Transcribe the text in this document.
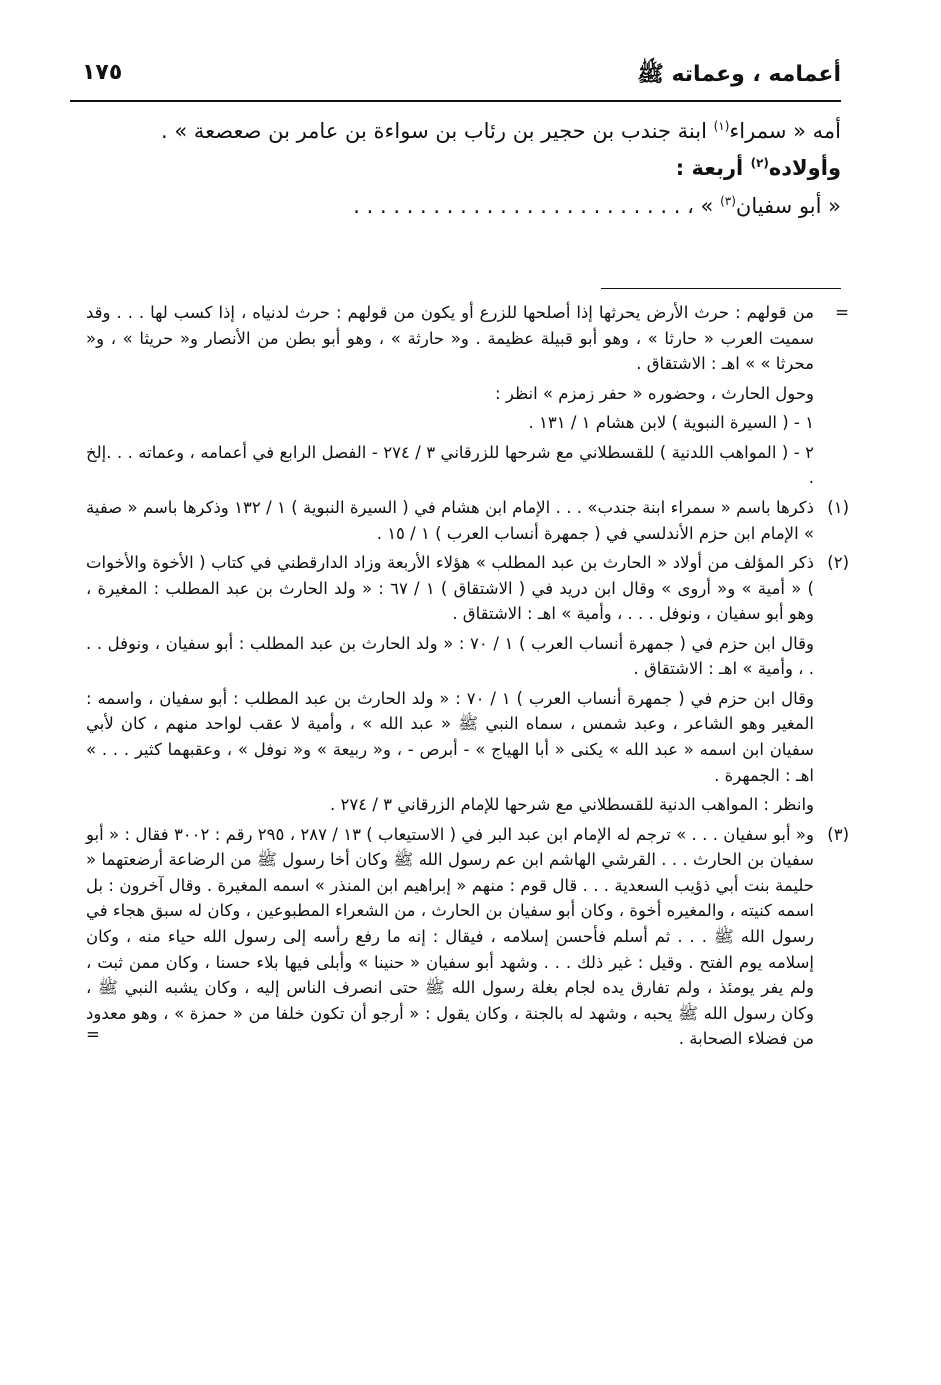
أعمامه ، وعماته ﷺ
١٧٥

أمه « سمراء$^{(١)}$ ابنة جندب بن حجير بن رئاب بن سواءة بن عامر بن صعصعة » .

وأولاده$^{(٢)}$ أربعة :

« أبو سفيان$^{(٣)}$ » ، . . . . . . . . . . . . . . . . . . . . . . . . .

=

من قولهم : حرث الأرض يحرثها إذا أصلحها للزرع أو يكون من قولهم : حرث لدنياه ، إذا كسب لها . . . وقد سميت العرب « حارثا » ، وهو أبو قبيلة عظيمة . و« حارثة » ، وهو أبو بطن من الأنصار و« حريثا » ، و« محرثا » » اهـ : الاشتقاق .

وحول الحارث ، وحضوره « حفر زمزم » انظر :

١ - ( السيرة النبوية ) لابن هشام ١ / ١٣١ .

٢ - ( المواهب اللدنية ) للقسطلاني مع شرحها للزرقاني ٣ / ٢٧٤ - الفصل الرابع في أعمامه ، وعماته . . .إلخ .

(١)

ذكرها باسم « سمراء ابنة جندب» . . . الإمام ابن هشام في ( السيرة النبوية ) ١ / ١٣٢ وذكرها باسم « صفية » الإمام ابن حزم الأندلسي في ( جمهرة أنساب العرب ) ١ / ١٥ .

(٢)

ذكر المؤلف من أولاد « الحارث بن عبد المطلب » هؤلاء الأربعة وزاد الدارقطني في كتاب ( الأخوة والأخوات ) « أمية » و« أروى » وقال ابن دريد في ( الاشتقاق ) ١ / ٦٧ : « ولد الحارث بن عبد المطلب : المغيرة ، وهو أبو سفيان ، ونوفل . . . ، وأمية » اهـ : الاشتقاق .

وقال ابن حزم في ( جمهرة أنساب العرب ) ١ / ٧٠ : « ولد الحارث بن عبد المطلب : أبو سفيان ، ونوفل . . . ، وأمية » اهـ : الاشتقاق .

وقال ابن حزم في ( جمهرة أنساب العرب ) ١ / ٧٠ : « ولد الحارث بن عبد المطلب : أبو سفيان ، واسمه : المغير وهو الشاعر ، وعبد شمس ، سماه النبي ﷺ « عبد الله » ، وأمية لا عقب لواحد منهم ، كان لأبي سفيان ابن اسمه « عبد الله » يكنى « أبا الهياج » - أبرص - ، و« ربيعة » و« نوفل » ، وعقبهما كثير . . . » اهـ : الجمهرة .

وانظر : المواهب الدنية للقسطلاني مع شرحها للإمام الزرقاني ٣ / ٢٧٤ .

(٣)

و« أبو سفيان . . . » ترجم له الإمام ابن عبد البر في ( الاستيعاب ) ١٣ / ٢٨٧ ، ٢٩٥ رقم : ٣٠٠٢ فقال : « أبو سفيان بن الحارث . . . القرشي الهاشم ابن عم رسول الله ﷺ وكان أخا رسول ﷺ من الرضاعة أرضعتهما « حليمة بنت أبي ذؤيب السعدية . . . قال قوم : منهم « إبراهيم ابن المنذر » اسمه المغيرة . وقال آخرون : بل اسمه كنيته ، والمغيره أخوة ، وكان أبو سفيان بن الحارث ، من الشعراء المطبوعين ، وكان له سبق هجاء في رسول الله ﷺ . . . ثم أسلم فأحسن إسلامه ، فيقال : إنه ما رفع رأسه إلى رسول الله حياء منه ، وكان إسلامه يوم الفتح . وقيل : غير ذلك . . . وشهد أبو سفيان « حنينا » وأبلى فيها بلاء حسنا ، وكان ممن ثبت ، ولم يفر يومئذ ، ولم تفارق يده لجام بغلة رسول الله ﷺ حتى انصرف الناس إليه ، وكان يشبه النبي ﷺ ، وكان رسول الله ﷺ يحبه ، وشهد له بالجنة ، وكان يقول : « أرجو أن تكون خلفا من « حمزة » ، وهو معدود من فضلاء الصحابة .

=
